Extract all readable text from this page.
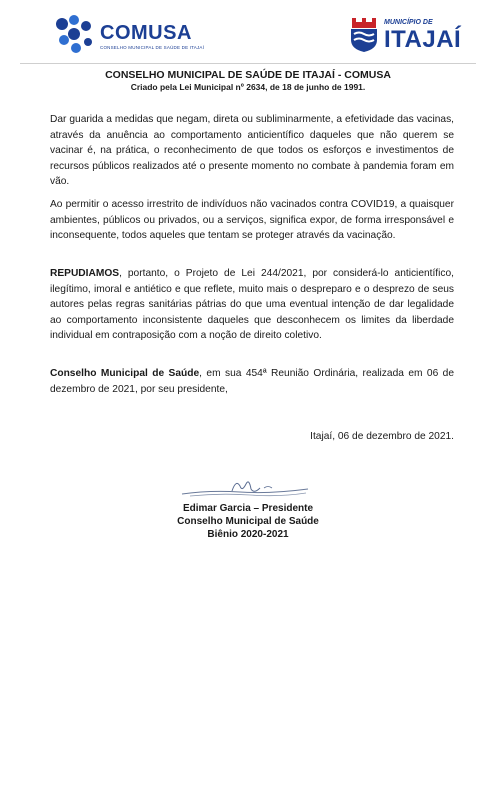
COMUSA
CONSELHO MUNICIPAL DE SAÚDE DE ITAJAÍ
MUNICÍPIO DE
ITAJAÍ
CONSELHO MUNICIPAL DE SAÚDE DE ITAJAÍ - COMUSA
Criado pela Lei Municipal nº 2634, de 18 de junho de 1991.

Dar guarida a medidas que negam, direta ou subliminarmente, a efetividade das vacinas, através da anuência ao comportamento anticientífico daqueles que não querem se vacinar é, na prática, o reconhecimento de que todos os esforços e investimentos de recursos públicos realizados até o presente momento no combate à pandemia foram em vão.

Ao permitir o acesso irrestrito de indivíduos não vacinados contra COVID19, a quaisquer ambientes, públicos ou privados, ou a serviços, significa expor, de forma irresponsável e inconsequente, todos aqueles que tentam se proteger através da vacinação.

REPUDIAMOS, portanto, o Projeto de Lei 244/2021, por considerá-lo anticientífico, ilegítimo, imoral e antiético e que reflete, muito mais o despreparo e o desprezo de seus autores pelas regras sanitárias pátrias do que uma eventual intenção de dar legalidade ao comportamento inconsistente daqueles que desconhecem os limites da liberdade individual em contraposição com a noção de direito coletivo.

Conselho Municipal de Saúde, em sua 454ª Reunião Ordinária, realizada em 06 de dezembro de 2021, por seu presidente,

Itajaí, 06 de dezembro de 2021.
Edimar Garcia – Presidente
Conselho Municipal de Saúde
Biênio 2020-2021
